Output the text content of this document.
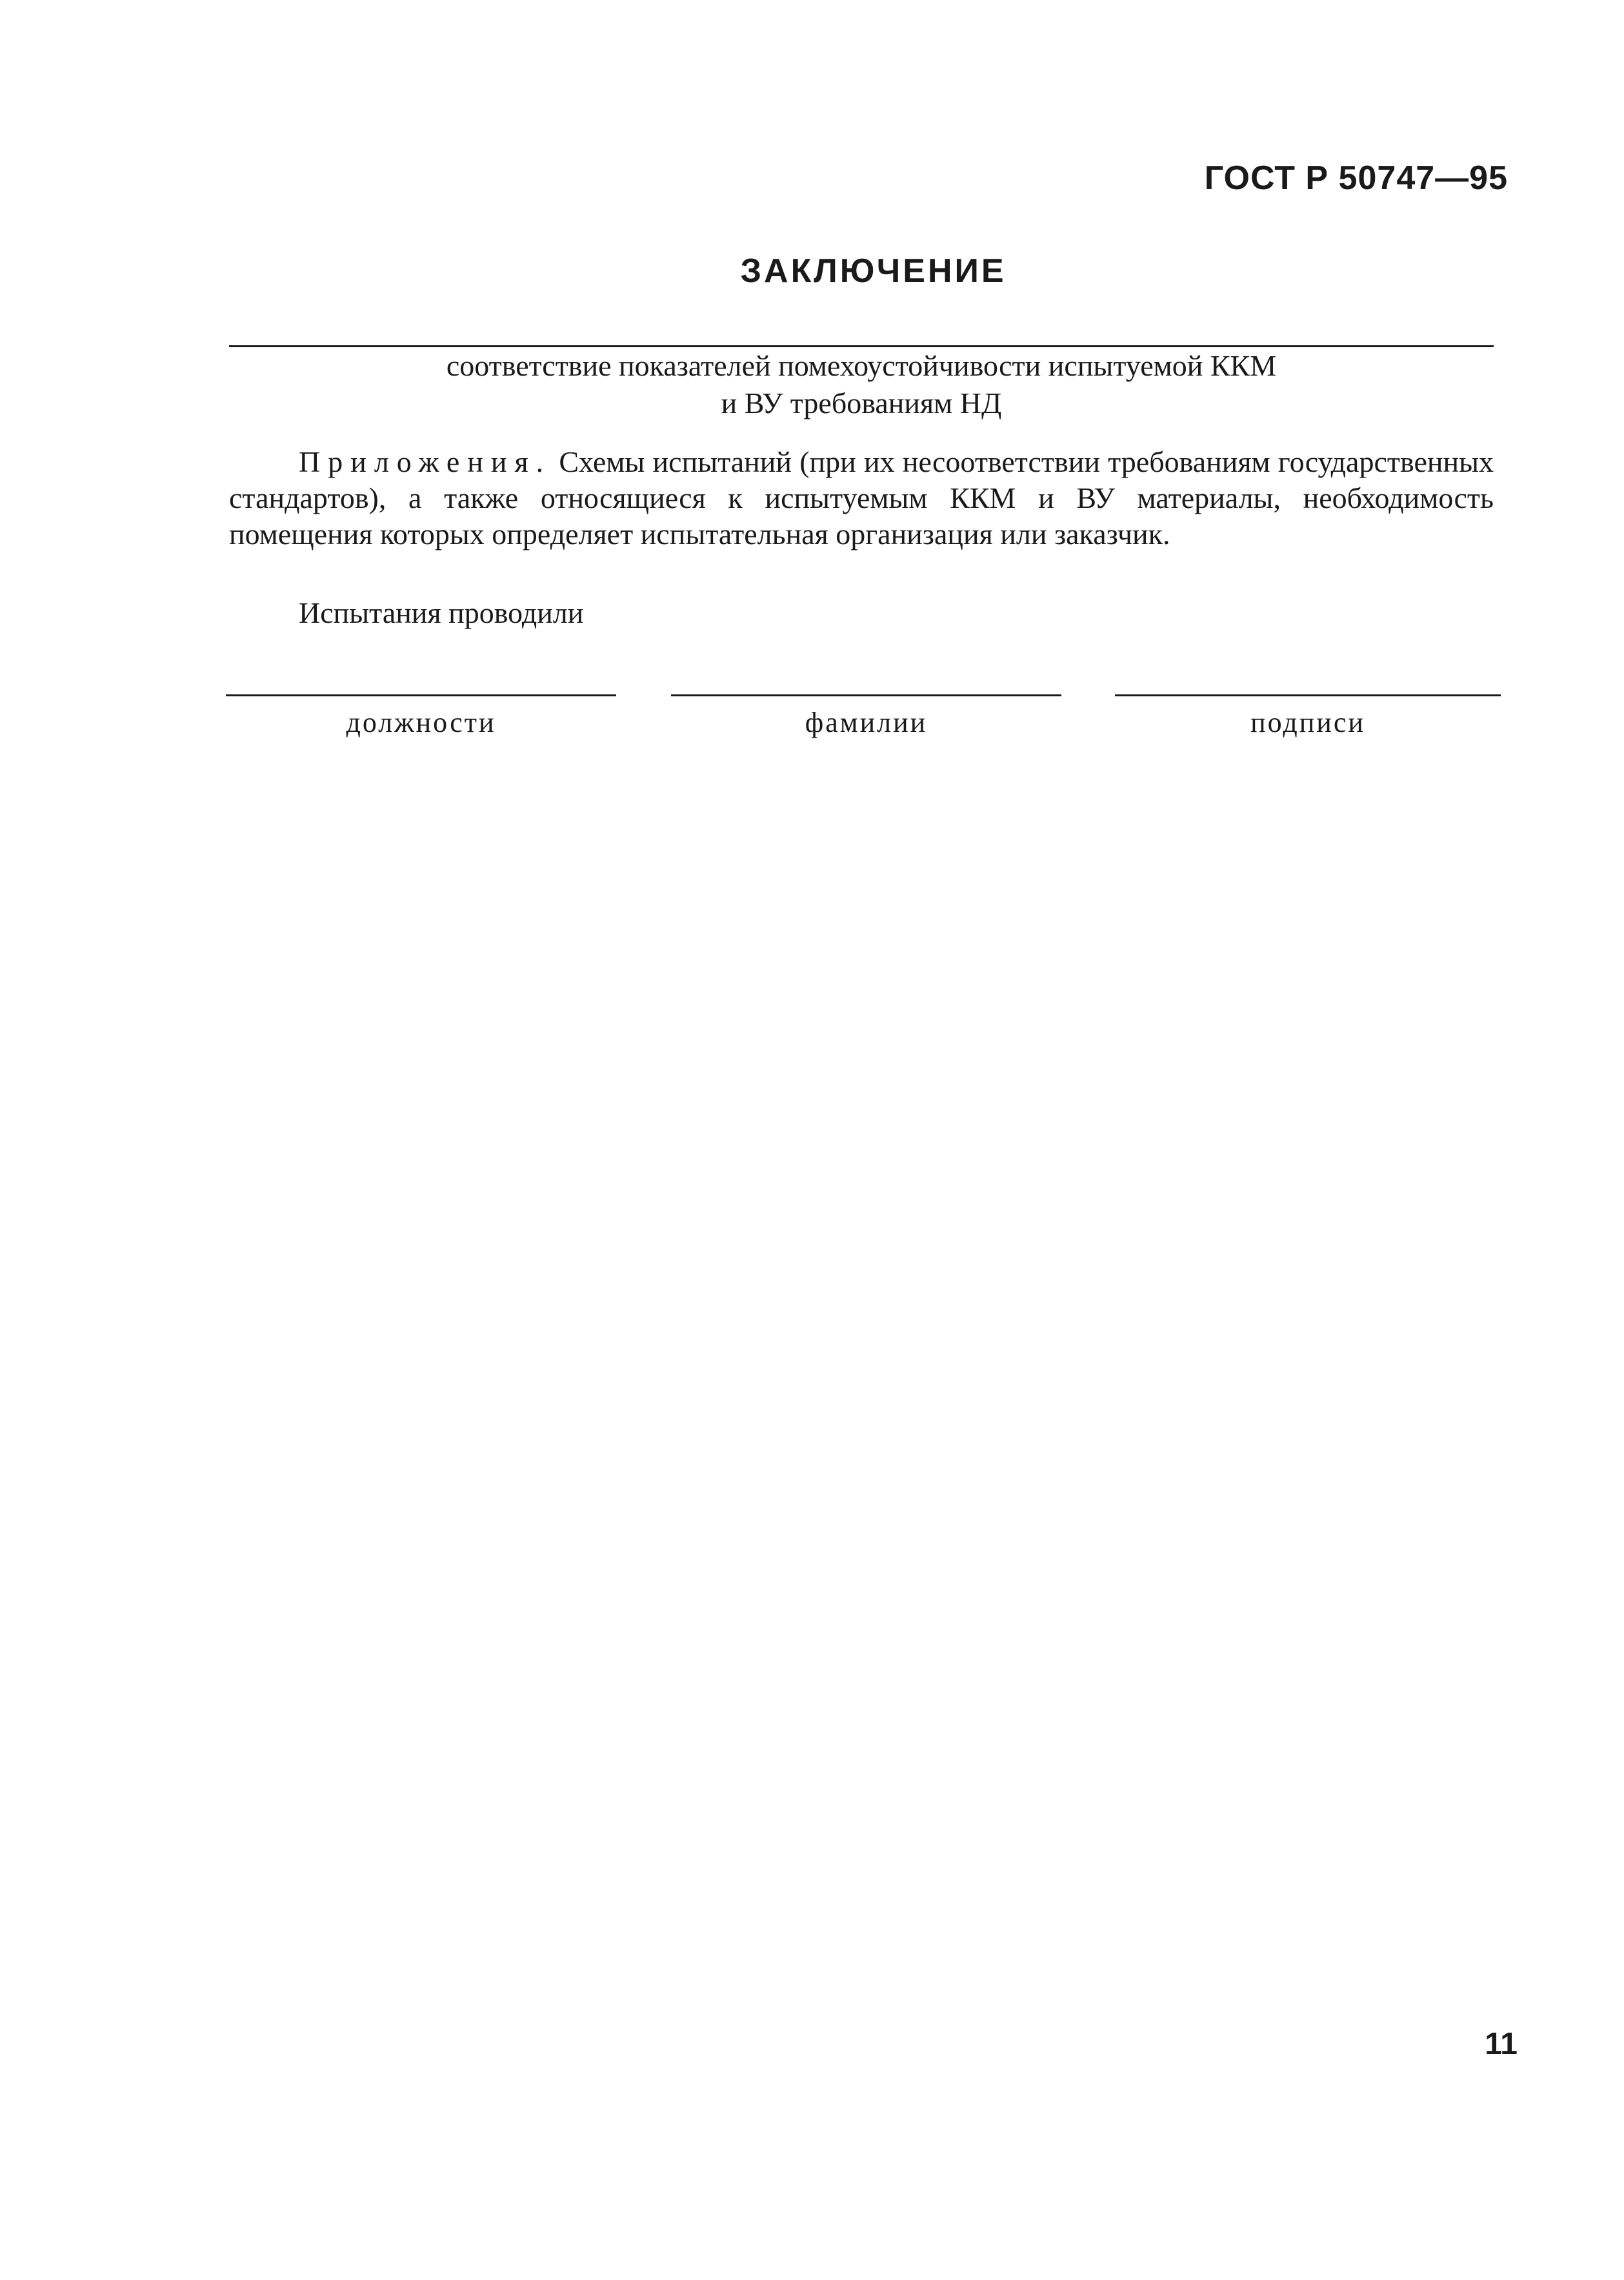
ГОСТ Р 50747—95
ЗАКЛЮЧЕНИЕ
соответствие показателей помехоустойчивости испытуемой ККМ
и ВУ требованиям НД
Приложения. Схемы испытаний (при их несоответствии требованиям государственных стандартов), а также относящиеся к испытуемым ККМ и ВУ материалы, необходимость помещения которых определяет испытательная организация или заказчик.
Испытания проводили
должности	фамилии	подписи
11
